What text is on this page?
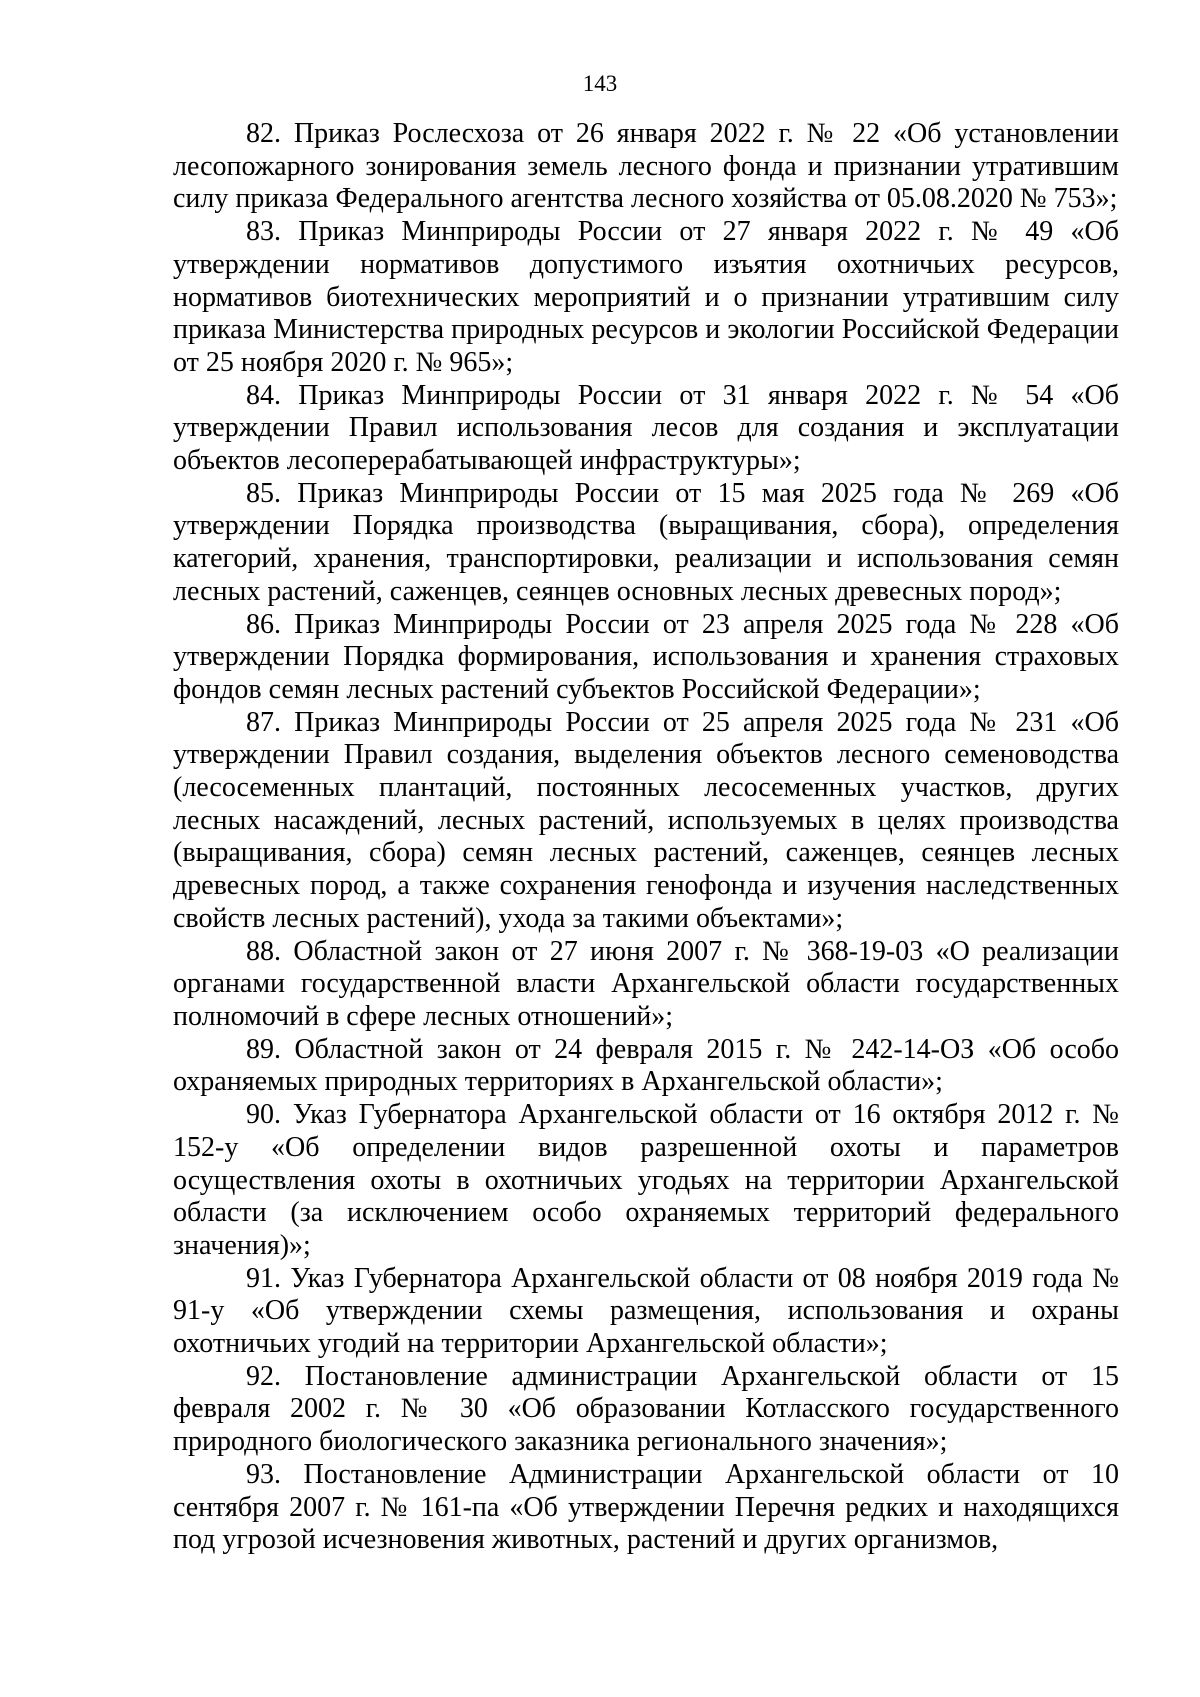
143

82. Приказ Рослесхоза от 26 января 2022 г. № 22 «Об установлении лесопожарного зонирования земель лесного фонда и признании утратившим силу приказа Федерального агентства лесного хозяйства от 05.08.2020 № 753»;

83. Приказ Минприроды России от 27 января 2022 г. № 49 «Об утверждении нормативов допустимого изъятия охотничьих ресурсов, нормативов биотехнических мероприятий и о признании утратившим силу приказа Министерства природных ресурсов и экологии Российской Федерации от 25 ноября 2020 г. № 965»;

84. Приказ Минприроды России от 31 января 2022 г. № 54 «Об утверждении Правил использования лесов для создания и эксплуатации объектов лесоперерабатывающей инфраструктуры»;

85. Приказ Минприроды России от 15 мая 2025 года № 269 «Об утверждении Порядка производства (выращивания, сбора), определения категорий, хранения, транспортировки, реализации и использования семян лесных растений, саженцев, сеянцев основных лесных древесных пород»;

86. Приказ Минприроды России от 23 апреля 2025 года № 228 «Об утверждении Порядка формирования, использования и хранения страховых фондов семян лесных растений субъектов Российской Федерации»;

87. Приказ Минприроды России от 25 апреля 2025 года № 231 «Об утверждении Правил создания, выделения объектов лесного семеноводства (лесосеменных плантаций, постоянных лесосеменных участков, других лесных насаждений, лесных растений, используемых в целях производства (выращивания, сбора) семян лесных растений, саженцев, сеянцев лесных древесных пород, а также сохранения генофонда и изучения наследственных свойств лесных растений), ухода за такими объектами»;

88. Областной закон от 27 июня 2007 г. № 368-19-03 «О реализации органами государственной власти Архангельской области государственных полномочий в сфере лесных отношений»;

89. Областной закон от 24 февраля 2015 г. № 242-14-ОЗ «Об особо охраняемых природных территориях в Архангельской области»;

90. Указ Губернатора Архангельской области от 16 октября 2012 г. № 152-у «Об определении видов разрешенной охоты и параметров осуществления охоты в охотничьих угодьях на территории Архангельской области (за исключением особо охраняемых территорий федерального значения)»;

91. Указ Губернатора Архангельской области от 08 ноября 2019 года № 91-у «Об утверждении схемы размещения, использования и охраны охотничьих угодий на территории Архангельской области»;

92. Постановление администрации Архангельской области от 15 февраля 2002 г. № 30 «Об образовании Котласского государственного природного биологического заказника регионального значения»;

93. Постановление Администрации Архангельской области от 10 сентября 2007 г. № 161-па «Об утверждении Перечня редких и находящихся под угрозой исчезновения животных, растений и других организмов,
